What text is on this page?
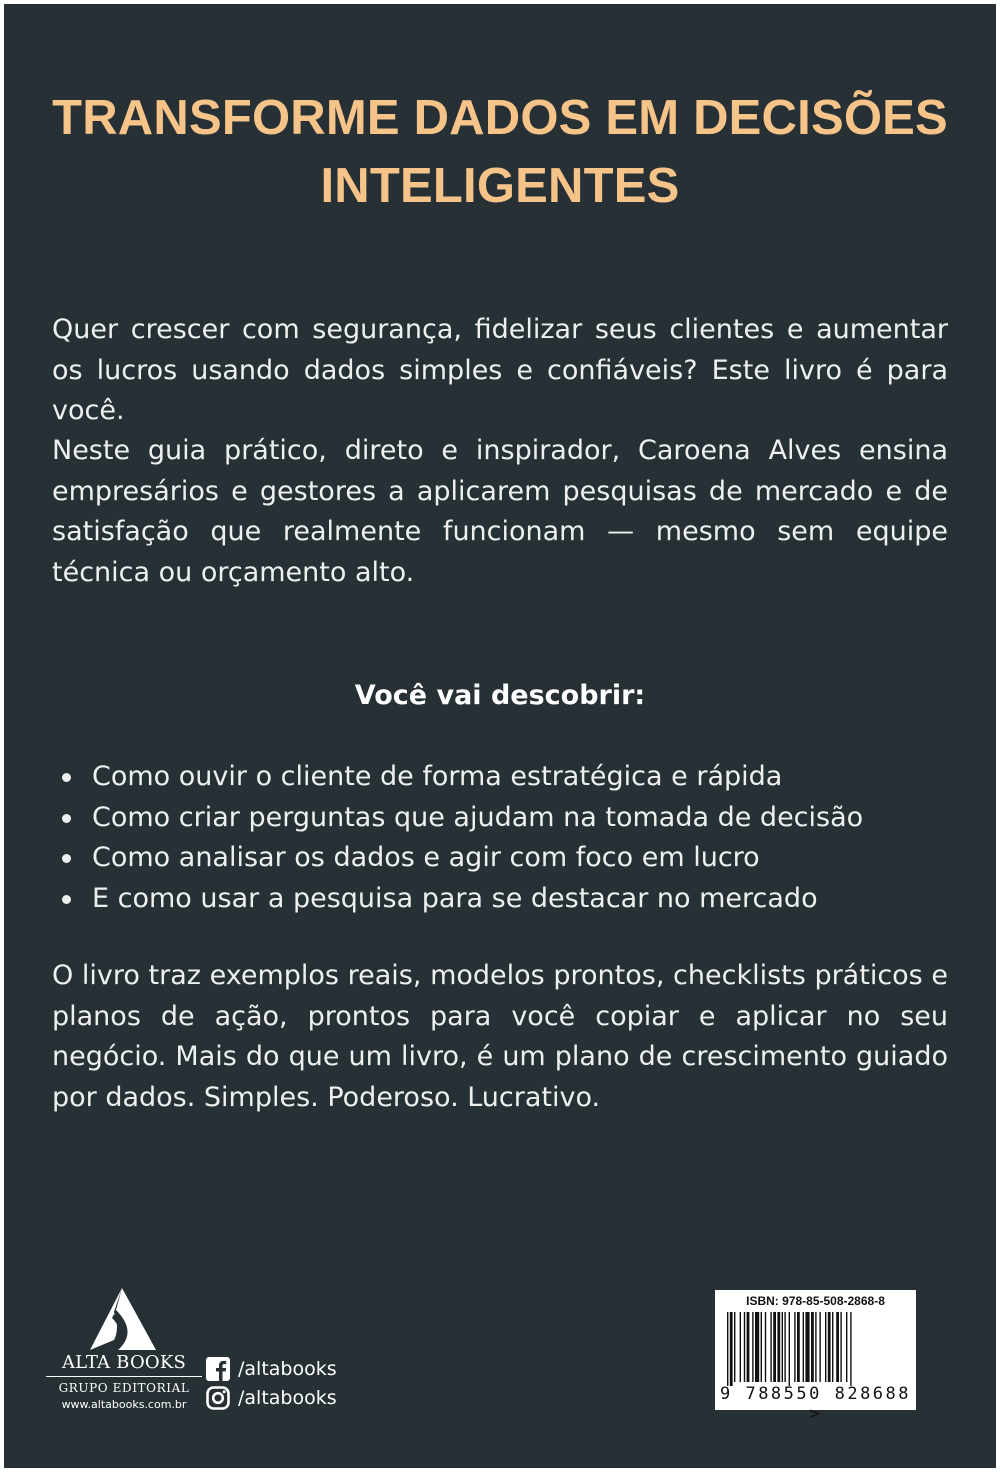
TRANSFORME DADOS EM DECISÕES
INTELIGENTES

Quer crescer com segurança, fidelizar seus clientes e aumentar os lucros usando dados simples e confiáveis? Este livro é para você.

Neste guia prático, direto e inspirador, Caroena Alves ensina empresários e gestores a aplicarem pesquisas de mercado e de satisfação que realmente funcionam — mesmo sem equipe técnica ou orçamento alto.

Você vai descobrir:
Como ouvir o cliente de forma estratégica e rápida
Como criar perguntas que ajudam na tomada de decisão
Como analisar os dados e agir com foco em lucro
E como usar a pesquisa para se destacar no mercado

O livro traz exemplos reais, modelos prontos, checklists práticos e planos de ação, prontos para você copiar e aplicar no seu negócio. Mais do que um livro, é um plano de crescimento guiado por dados. Simples. Poderoso. Lucrativo.

ALTA BOOKS

GRUPO EDITORIAL

www.altabooks.com.br

/altabooks

/altabooks

ISBN: 978-85-508-2868-8

9 788550 828688 >
